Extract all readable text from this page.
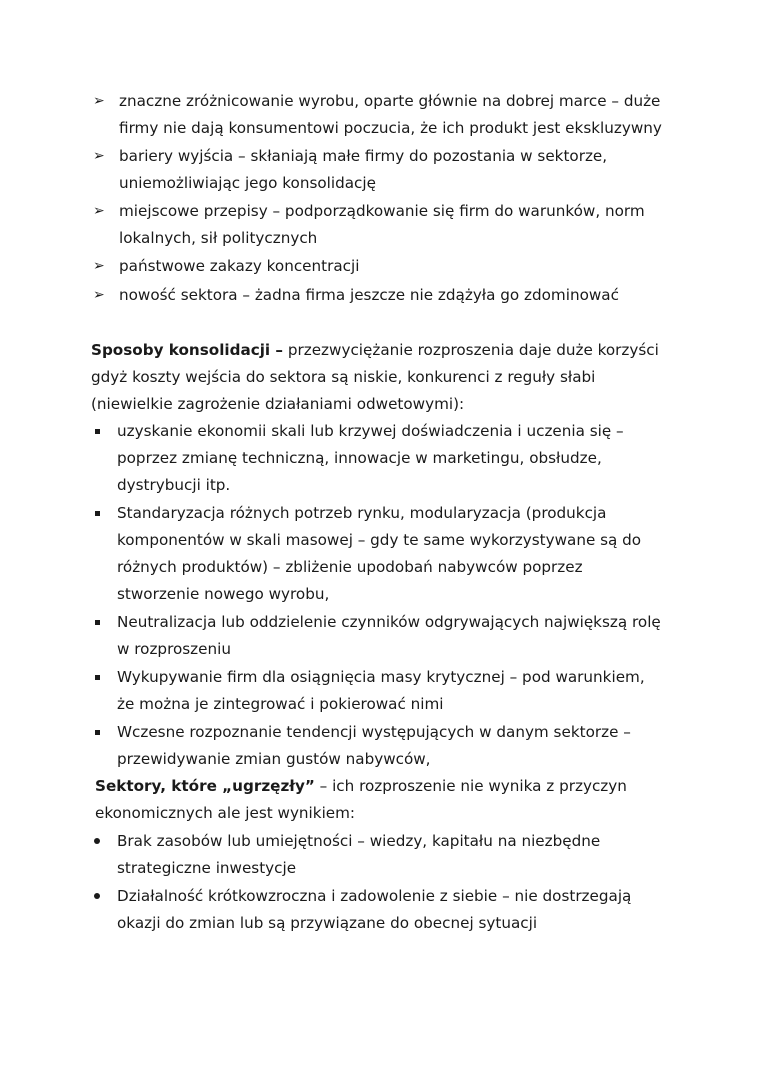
➢ znaczne zróżnicowanie wyrobu, oparte głównie na dobrej marce – duże
firmy nie dają konsumentowi poczucia, że ich produkt jest ekskluzywny
➢ bariery wyjścia – skłaniają małe firmy do pozostania w sektorze,
uniemożliwiając jego konsolidację
➢ miejscowe przepisy – podporządkowanie się firm do warunków, norm
lokalnych, sił politycznych
➢ państwowe zakazy koncentracji
➢ nowość sektora – żadna firma jeszcze nie zdążyła go zdominować
Sposoby konsolidacji – przezwyciężanie rozproszenia daje duże korzyści
gdyż koszty wejścia do sektora są niskie, konkurenci z reguły słabi
(niewielkie zagrożenie działaniami odwetowymi):
uzyskanie ekonomii skali lub krzywej doświadczenia i uczenia się –
poprzez zmianę techniczną, innowacje w marketingu, obsłudze,
dystrybucji itp.
Standaryzacja różnych potrzeb rynku, modularyzacja (produkcja
komponentów w skali masowej – gdy te same wykorzystywane są do
różnych produktów) – zbliżenie upodobań nabywców poprzez
stworzenie nowego wyrobu,
Neutralizacja lub oddzielenie czynników odgrywających największą rolę
w rozproszeniu
Wykupywanie firm dla osiągnięcia masy krytycznej – pod warunkiem,
że można je zintegrować i pokierować nimi
Wczesne rozpoznanie tendencji występujących w danym sektorze –
przewidywanie zmian gustów nabywców,
Sektory, które „ugrzęzły” – ich rozproszenie nie wynika z przyczyn
ekonomicznych ale jest wynikiem:
Brak zasobów lub umiejętności – wiedzy, kapitału na niezbędne
strategiczne inwestycje
Działalność krótkowzroczna i zadowolenie z siebie – nie dostrzegają
okazji do zmian lub są przywiązane do obecnej sytuacji
